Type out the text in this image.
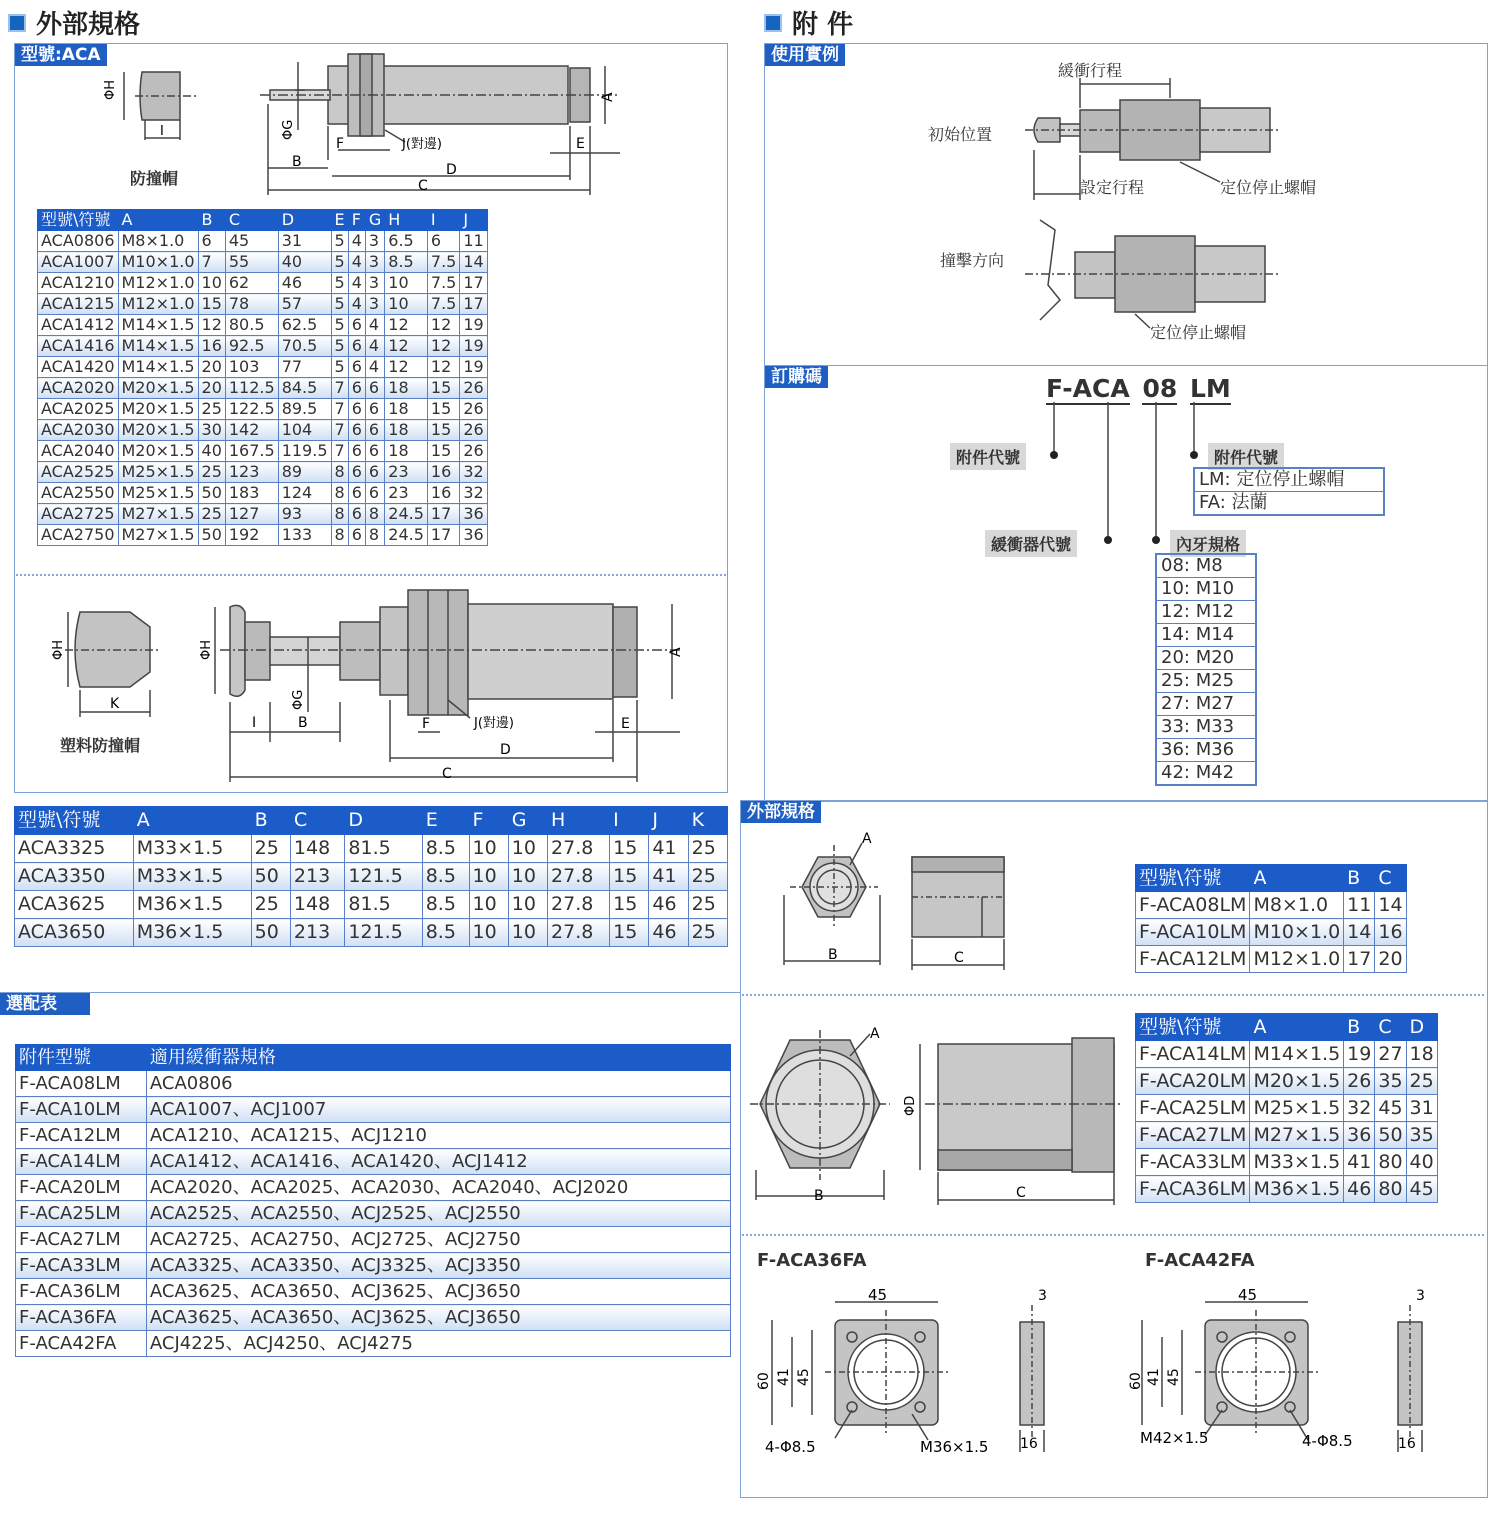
外部規格
型號:ACA
ΦH
I	ΦG
A
B	D
C
E
F	J(對邊)
防撞帽
型號\符號	A	B	C	D	E	F	G	H	I	J
ACA0806	M8×1.0	6	45	31	5	4	3	6.5	6	11
ACA1007	M10×1.0	7	55	40	5	4	3	8.5	7.5	14
ACA1210	M12×1.0	10	62	46	5	4	3	10	7.5	17
ACA1215	M12×1.0	15	78	57	5	4	3	10	7.5	17
ACA1412	M14×1.5	12	80.5	62.5	5	6	4	12	12	19
ACA1416	M14×1.5	16	92.5	70.5	5	6	4	12	12	19
ACA1420	M14×1.5	20	103	77	5	6	4	12	12	19
ACA2020	M20×1.5	20	112.5	84.5	7	6	6	18	15	26
ACA2025	M20×1.5	25	122.5	89.5	7	6	6	18	15	26
ACA2030	M20×1.5	30	142	104	7	6	6	18	15	26
ACA2040	M20×1.5	40	167.5	119.5	7	6	6	18	15	26
ACA2525	M25×1.5	25	123	89	8	6	6	23	16	32
ACA2550	M25×1.5	50	183	124	8	6	6	23	16	32
ACA2725	M27×1.5	25	127	93	8	6	8	24.5	17	36
ACA2750	M27×1.5	50	192	133	8	6	8	24.5	17	36
ΦH
K
ΦH
ΦG
A
I	B
D
C
E
F	J(對邊)
塑料防撞帽
型號\符號	A	B	C	D	E	F	G	H	I	J	K
ACA3325	M33×1.5	25	148	81.5	8.5	10	10	27.8	15	41	25
ACA3350	M33×1.5	50	213	121.5	8.5	10	10	27.8	15	41	25
ACA3625	M36×1.5	25	148	81.5	8.5	10	10	27.8	15	46	25
ACA3650	M36×1.5	50	213	121.5	8.5	10	10	27.8	15	46	25
選配表
附件型號	適用緩衝器規格
F-ACA08LM	ACA0806
F-ACA10LM	ACA1007、ACJ1007
F-ACA12LM	ACA1210、ACA1215、ACJ1210
F-ACA14LM	ACA1412、ACA1416、ACA1420、ACJ1412
F-ACA20LM	ACA2020、ACA2025、ACA2030、ACA2040、ACJ2020
F-ACA25LM	ACA2525、ACA2550、ACJ2525、ACJ2550
F-ACA27LM	ACA2725、ACA2750、ACJ2725、ACJ2750
F-ACA33LM	ACA3325、ACA3350、ACJ3325、ACJ3350
F-ACA36LM	ACA3625、ACA3650、ACJ3625、ACJ3650
F-ACA36FA	ACA3625、ACA3650、ACJ3625、ACJ3650
F-ACA42FA	ACJ4225、ACJ4250、ACJ4275
附 件
使用實例
緩衝行程
初始位置
設定行程	定位停止螺帽
撞擊方向
定位停止螺帽
訂購碼	F-ACA 08 LM
附件代號	附件代號
LM: 定位停止螺帽
FA: 法蘭
緩衝器代號	內牙規格
08: M8
10: M10
12: M12
14: M14
20: M20
25: M25
27: M27
33: M33
36: M36
42: M42
外部規格
A
B	C
型號\符號	A	B	C
F-ACA08LM	M8×1.0	11	14
F-ACA10LM	M10×1.0	14	16
F-ACA12LM	M12×1.0	17	20
A
B	C
ΦD
型號\符號	A	B	C	D
F-ACA14LM	M14×1.5	19	27	18
F-ACA20LM	M20×1.5	26	35	25
F-ACA25LM	M25×1.5	32	45	31
F-ACA27LM	M27×1.5	36	50	35
F-ACA33LM	M33×1.5	41	80	40
F-ACA36LM	M36×1.5	46	80	45
F-ACA36FA
45
60 41 45
4-Φ8.5	M36×1.5
3
16
F-ACA42FA
45
60 41 45
M42×1.5	4-Φ8.5
3
16
